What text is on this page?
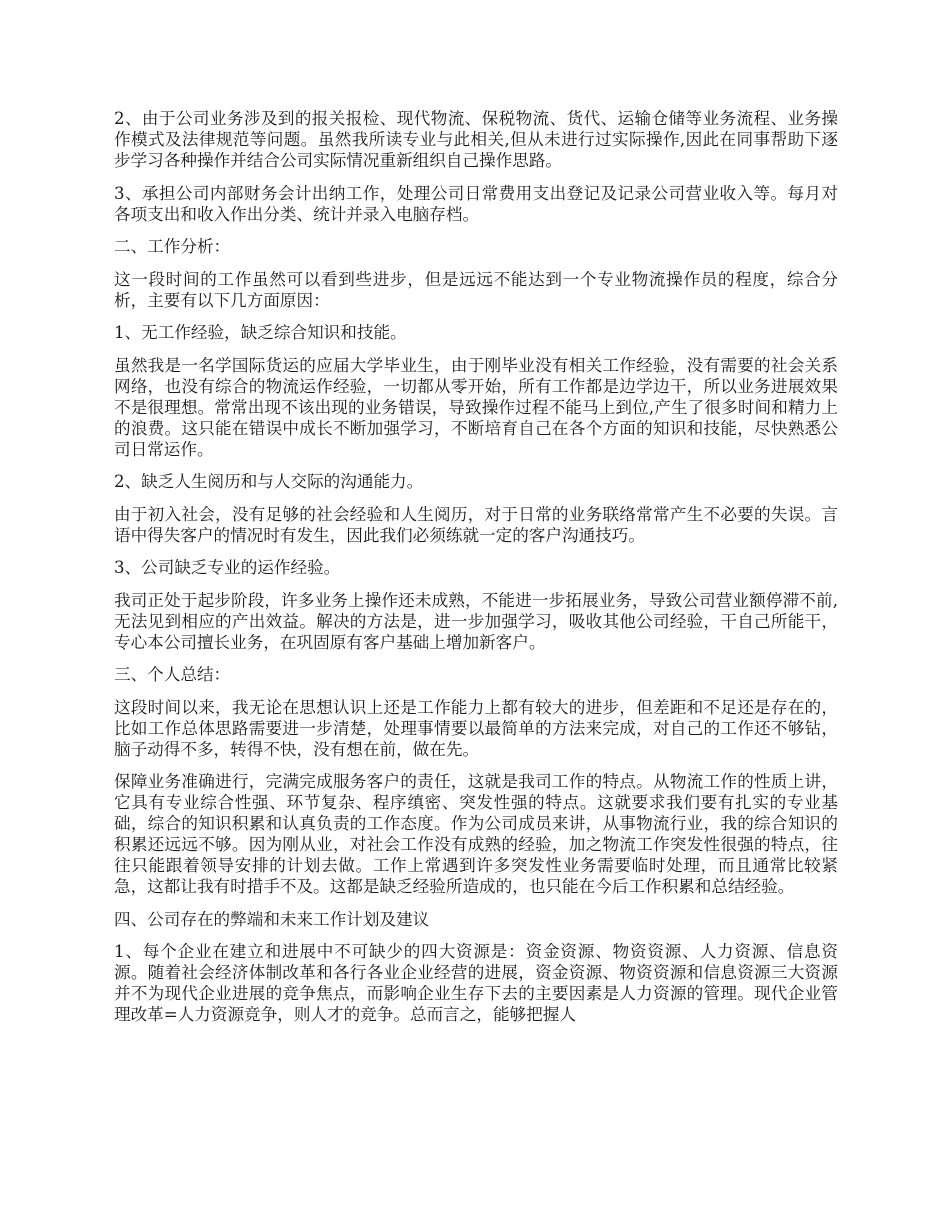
2、由于公司业务涉及到的报关报检、现代物流、保税物流、货代、运输仓储等业务流程、业务操作模式及法律规范等问题。虽然我所读专业与此相关,但从未进行过实际操作,因此在同事帮助下逐步学习各种操作并结合公司实际情况重新组织自己操作思路。

3、承担公司内部财务会计出纳工作，处理公司日常费用支出登记及记录公司营业收入等。每月对各项支出和收入作出分类、统计并录入电脑存档。

二、工作分析：

这一段时间的工作虽然可以看到些进步，但是远远不能达到一个专业物流操作员的程度，综合分析，主要有以下几方面原因：

1、无工作经验，缺乏综合知识和技能。

虽然我是一名学国际货运的应届大学毕业生，由于刚毕业没有相关工作经验，没有需要的社会关系网络，也没有综合的物流运作经验，一切都从零开始，所有工作都是边学边干，所以业务进展效果不是很理想。常常出现不该出现的业务错误，导致操作过程不能马上到位,产生了很多时间和精力上的浪费。这只能在错误中成长不断加强学习，不断培育自己在各个方面的知识和技能，尽快熟悉公司日常运作。

2、缺乏人生阅历和与人交际的沟通能力。

由于初入社会，没有足够的社会经验和人生阅历，对于日常的业务联络常常产生不必要的失误。言语中得失客户的情况时有发生，因此我们必须练就一定的客户沟通技巧。

3、公司缺乏专业的运作经验。

我司正处于起步阶段，许多业务上操作还未成熟，不能进一步拓展业务，导致公司营业额停滞不前,无法见到相应的产出效益。解决的方法是，进一步加强学习，吸收其他公司经验，干自己所能干，专心本公司擅长业务，在巩固原有客户基础上增加新客户。

三、个人总结：

这段时间以来，我无论在思想认识上还是工作能力上都有较大的进步，但差距和不足还是存在的，比如工作总体思路需要进一步清楚，处理事情要以最简单的方法来完成，对自己的工作还不够钻，脑子动得不多，转得不快，没有想在前，做在先。

保障业务准确进行，完满完成服务客户的责任，这就是我司工作的特点。从物流工作的性质上讲，它具有专业综合性强、环节复杂、程序缜密、突发性强的特点。这就要求我们要有扎实的专业基础，综合的知识积累和认真负责的工作态度。作为公司成员来讲，从事物流行业，我的综合知识的积累还远远不够。因为刚从业，对社会工作没有成熟的经验，加之物流工作突发性很强的特点，往往只能跟着领导安排的计划去做。工作上常遇到许多突发性业务需要临时处理，而且通常比较紧急，这都让我有时措手不及。这都是缺乏经验所造成的，也只能在今后工作积累和总结经验。

四、公司存在的弊端和未来工作计划及建议

1、每个企业在建立和进展中不可缺少的四大资源是：资金资源、物资资源、人力资源、信息资源。随着社会经济体制改革和各行各业企业经营的进展，资金资源、物资资源和信息资源三大资源并不为现代企业进展的竞争焦点，而影响企业生存下去的主要因素是人力资源的管理。现代企业管理改革=人力资源竞争，则人才的竞争。总而言之，能够把握人
